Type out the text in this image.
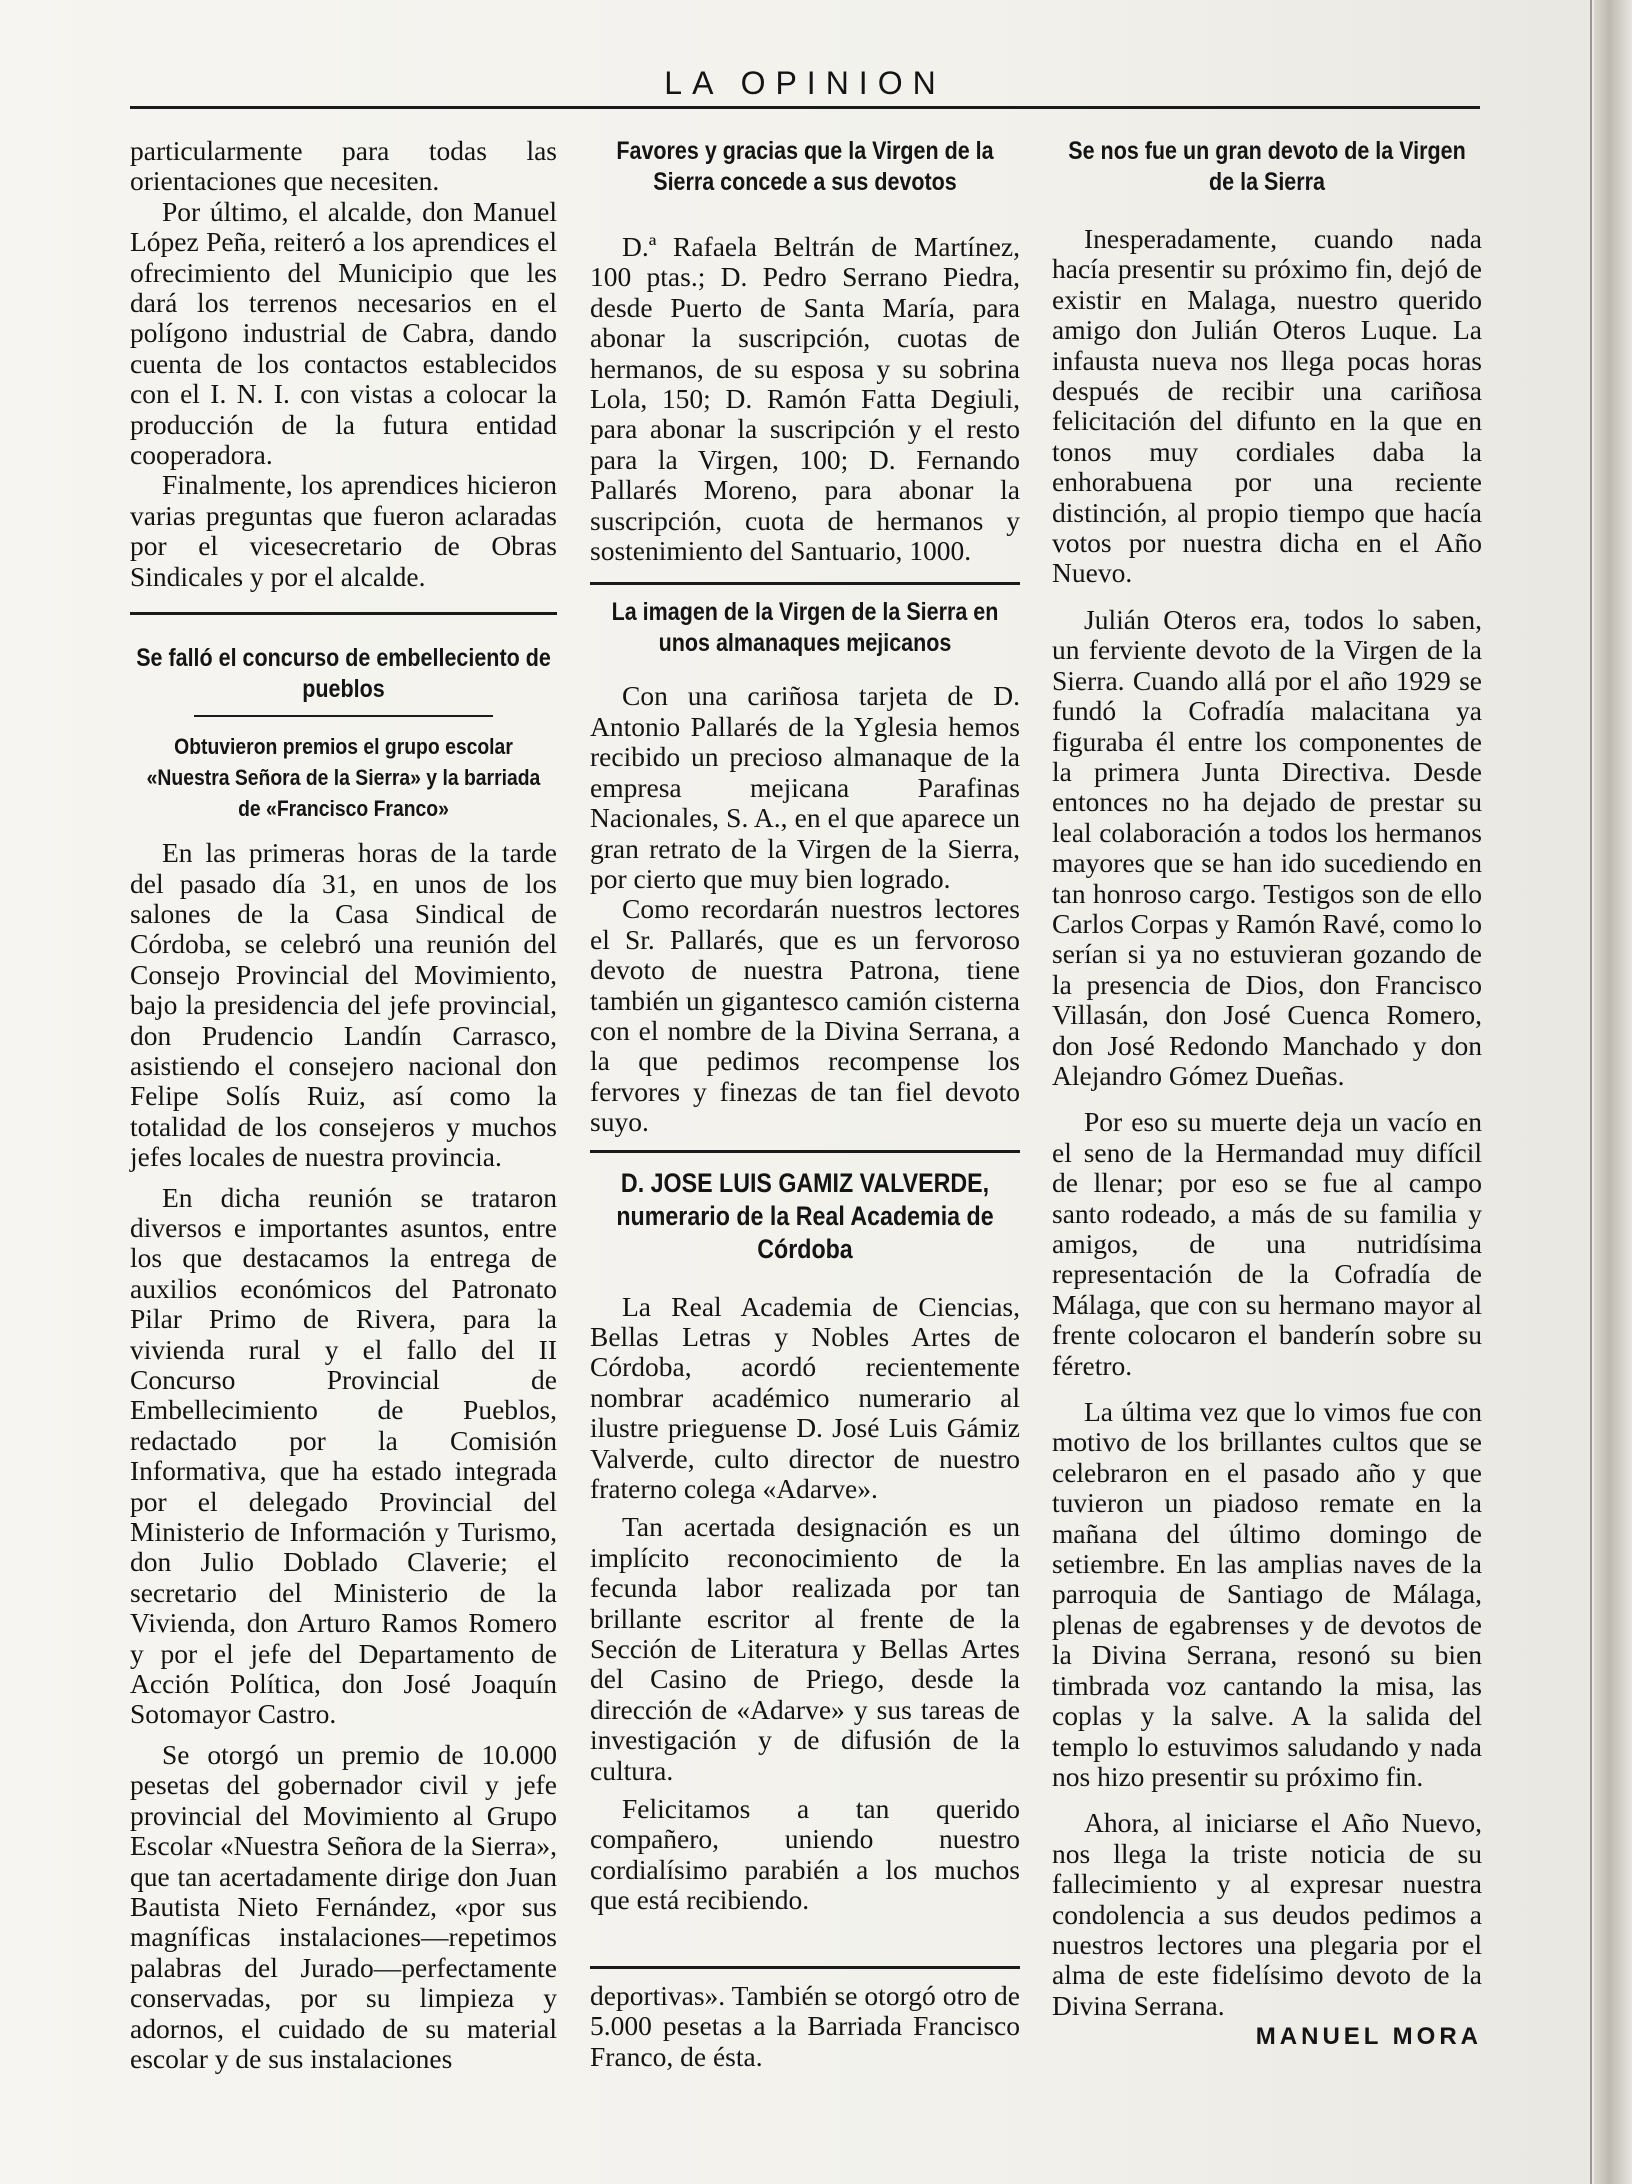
LA OPINION

particularmente para todas las orientaciones que necesiten.

Por último, el alcalde, don Manuel López Peña, reiteró a los aprendices el ofrecimiento del Municipio que les dará los terrenos necesarios en el polígono industrial de Cabra, dando cuenta de los contactos establecidos con el I. N. I. con vistas a colocar la producción de la futura entidad cooperadora.

Finalmente, los aprendices hicieron varias preguntas que fueron aclaradas por el vicesecretario de Obras Sindicales y por el alcalde.

Se falló el concurso de embelleciento de pueblos
Obtuvieron premios el grupo escolar «Nuestra Señora de la Sierra» y la barriada de «Francisco Franco»

En las primeras horas de la tarde del pasado día 31, en unos de los salones de la Casa Sindical de Córdoba, se celebró una reunión del Consejo Provincial del Movimiento, bajo la presidencia del jefe provincial, don Prudencio Landín Carrasco, asistiendo el consejero nacional don Felipe Solís Ruiz, así como la totalidad de los consejeros y muchos jefes locales de nuestra provincia.

En dicha reunión se trataron diversos e importantes asuntos, entre los que destacamos la entrega de auxilios económicos del Patronato Pilar Primo de Rivera, para la vivienda rural y el fallo del II Concurso Provincial de Embellecimiento de Pueblos, redactado por la Comisión Informativa, que ha estado integrada por el delegado Provincial del Ministerio de Información y Turismo, don Julio Doblado Claverie; el secretario del Ministerio de la Vivienda, don Arturo Ramos Romero y por el jefe del Departamento de Acción Política, don José Joaquín Sotomayor Castro.

Se otorgó un premio de 10.000 pesetas del gobernador civil y jefe provincial del Movimiento al Grupo Escolar «Nuestra Señora de la Sierra», que tan acertadamente dirige don Juan Bautista Nieto Fernández, «por sus magníficas instalaciones—repetimos palabras del Jurado—perfectamente conservadas, por su limpieza y adornos, el cuidado de su material escolar y de sus instalaciones

Favores y gracias que la Virgen de la Sierra concede a sus devotos

D.ª Rafaela Beltrán de Martínez, 100 ptas.; D. Pedro Serrano Piedra, desde Puerto de Santa María, para abonar la suscripción, cuotas de hermanos, de su esposa y su sobrina Lola, 150; D. Ramón Fatta Degiuli, para abonar la suscripción y el resto para la Virgen, 100; D. Fernando Pallarés Moreno, para abonar la suscripción, cuota de hermanos y sostenimiento del Santuario, 1000.

La imagen de la Virgen de la Sierra en unos almanaques mejicanos

Con una cariñosa tarjeta de D. Antonio Pallarés de la Yglesia hemos recibido un precioso almanaque de la empresa mejicana Parafinas Nacionales, S. A., en el que aparece un gran retrato de la Virgen de la Sierra, por cierto que muy bien logrado.

Como recordarán nuestros lectores el Sr. Pallarés, que es un fervoroso devoto de nuestra Patrona, tiene también un gigantesco camión cisterna con el nombre de la Divina Serrana, a la que pedimos recompense los fervores y finezas de tan fiel devoto suyo.

D. JOSE LUIS GAMIZ VALVERDE, numerario de la Real Academia de Córdoba

La Real Academia de Ciencias, Bellas Letras y Nobles Artes de Córdoba, acordó recientemente nombrar académico numerario al ilustre prieguense D. José Luis Gámiz Valverde, culto director de nuestro fraterno colega «Adarve».

Tan acertada designación es un implícito reconocimiento de la fecunda labor realizada por tan brillante escritor al frente de la Sección de Literatura y Bellas Artes del Casino de Priego, desde la dirección de «Adarve» y sus tareas de investigación y de difusión de la cultura.

Felicitamos a tan querido compañero, uniendo nuestro cordialísimo parabién a los muchos que está recibiendo.

deportivas». También se otorgó otro de 5.000 pesetas a la Barriada Francisco Franco, de ésta.

Se nos fue un gran devoto de la Virgen de la Sierra

Inesperadamente, cuando nada hacía presentir su próximo fin, dejó de existir en Malaga, nuestro querido amigo don Julián Oteros Luque. La infausta nueva nos llega pocas horas después de recibir una cariñosa felicitación del difunto en la que en tonos muy cordiales daba la enhorabuena por una reciente distinción, al propio tiempo que hacía votos por nuestra dicha en el Año Nuevo.

Julián Oteros era, todos lo saben, un ferviente devoto de la Virgen de la Sierra. Cuando allá por el año 1929 se fundó la Cofradía malacitana ya figuraba él entre los componentes de la primera Junta Directiva. Desde entonces no ha dejado de prestar su leal colaboración a todos los hermanos mayores que se han ido sucediendo en tan honroso cargo. Testigos son de ello Carlos Corpas y Ramón Ravé, como lo serían si ya no estuvieran gozando de la presencia de Dios, don Francisco Villasán, don José Cuenca Romero, don José Redondo Manchado y don Alejandro Gómez Dueñas.

Por eso su muerte deja un vacío en el seno de la Hermandad muy difícil de llenar; por eso se fue al campo santo rodeado, a más de su familia y amigos, de una nutridísima representación de la Cofradía de Málaga, que con su hermano mayor al frente colocaron el banderín sobre su féretro.

La última vez que lo vimos fue con motivo de los brillantes cultos que se celebraron en el pasado año y que tuvieron un piadoso remate en la mañana del último domingo de setiembre. En las amplias naves de la parroquia de Santiago de Málaga, plenas de egabrenses y de devotos de la Divina Serrana, resonó su bien timbrada voz cantando la misa, las coplas y la salve. A la salida del templo lo estuvimos saludando y nada nos hizo presentir su próximo fin.

Ahora, al iniciarse el Año Nuevo, nos llega la triste noticia de su fallecimiento y al expresar nuestra condolencia a sus deudos pedimos a nuestros lectores una plegaria por el alma de este fidelísimo devoto de la Divina Serrana.

MANUEL MORA
